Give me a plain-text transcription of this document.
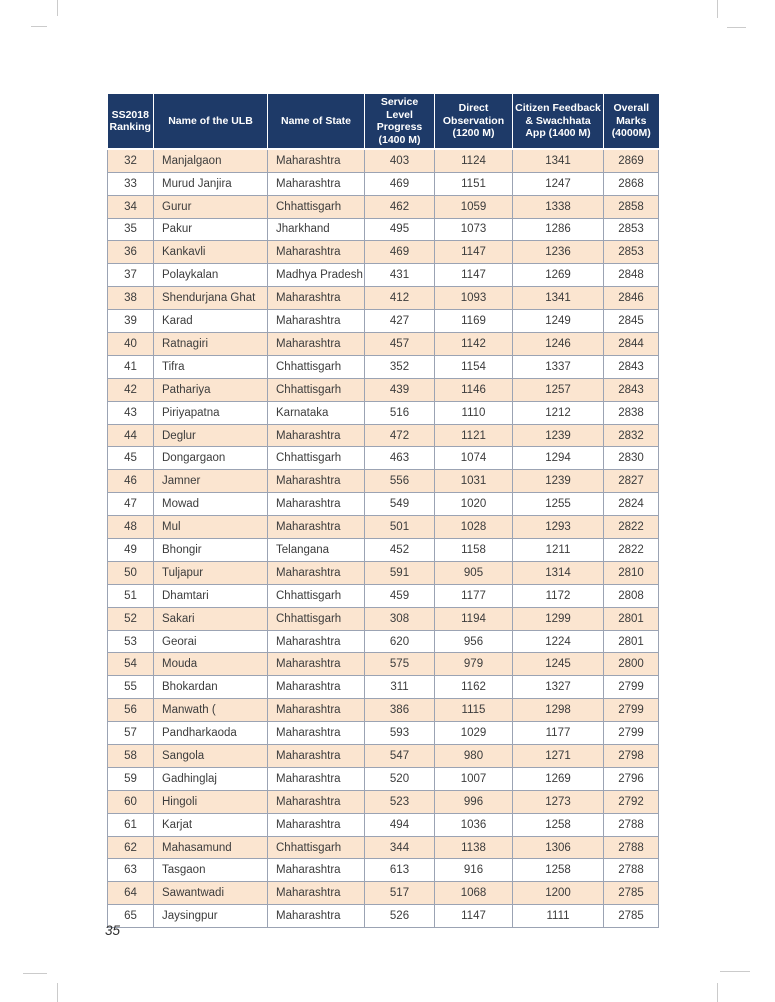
SS2018 Ranking	Name of the ULB	Name of State	Service Level Progress (1400 M)	Direct Observation (1200 M)	Citizen Feedback & Swachhata App (1400 M)	Overall Marks (4000M)
32	Manjalgaon	Maharashtra	403	1124	1341	2869
33	Murud Janjira	Maharashtra	469	1151	1247	2868
34	Gurur	Chhattisgarh	462	1059	1338	2858
35	Pakur	Jharkhand	495	1073	1286	2853
36	Kankavli	Maharashtra	469	1147	1236	2853
37	Polaykalan	Madhya Pradesh	431	1147	1269	2848
38	Shendurjana Ghat	Maharashtra	412	1093	1341	2846
39	Karad	Maharashtra	427	1169	1249	2845
40	Ratnagiri	Maharashtra	457	1142	1246	2844
41	Tifra	Chhattisgarh	352	1154	1337	2843
42	Pathariya	Chhattisgarh	439	1146	1257	2843
43	Piriyapatna	Karnataka	516	1110	1212	2838
44	Deglur	Maharashtra	472	1121	1239	2832
45	Dongargaon	Chhattisgarh	463	1074	1294	2830
46	Jamner	Maharashtra	556	1031	1239	2827
47	Mowad	Maharashtra	549	1020	1255	2824
48	Mul	Maharashtra	501	1028	1293	2822
49	Bhongir	Telangana	452	1158	1211	2822
50	Tuljapur	Maharashtra	591	905	1314	2810
51	Dhamtari	Chhattisgarh	459	1177	1172	2808
52	Sakari	Chhattisgarh	308	1194	1299	2801
53	Georai	Maharashtra	620	956	1224	2801
54	Mouda	Maharashtra	575	979	1245	2800
55	Bhokardan	Maharashtra	311	1162	1327	2799
56	Manwath (	Maharashtra	386	1115	1298	2799
57	Pandharkaoda	Maharashtra	593	1029	1177	2799
58	Sangola	Maharashtra	547	980	1271	2798
59	Gadhinglaj	Maharashtra	520	1007	1269	2796
60	Hingoli	Maharashtra	523	996	1273	2792
61	Karjat	Maharashtra	494	1036	1258	2788
62	Mahasamund	Chhattisgarh	344	1138	1306	2788
63	Tasgaon	Maharashtra	613	916	1258	2788
64	Sawantwadi	Maharashtra	517	1068	1200	2785
65	Jaysingpur	Maharashtra	526	1147	1111	2785
35
